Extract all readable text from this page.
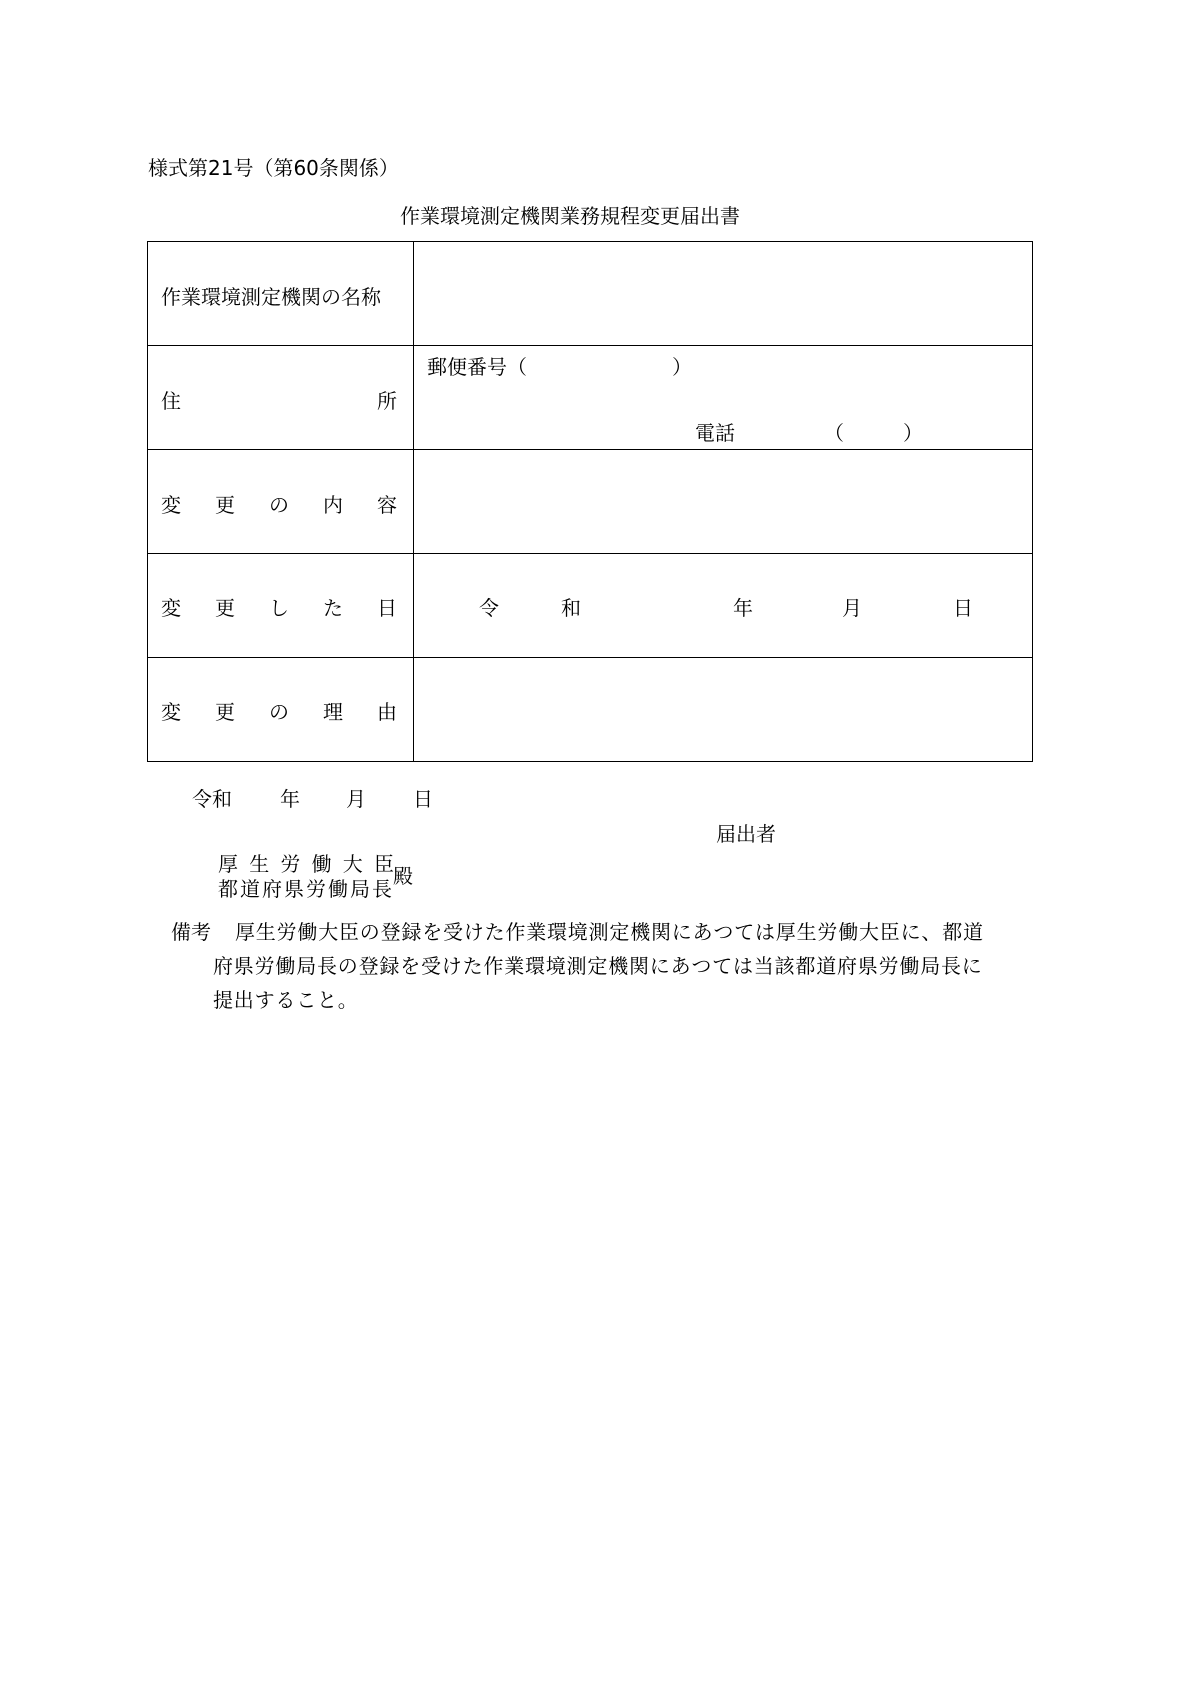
様式第21号（第60条関係）
作業環境測定機関業務規程変更届出書
作業環境測定機関の名称
住	所
郵便番号（	）
電話	（	）
変 更 の 内 容
変 更 し た 日	令	和	年	月	日
変 更 の 理 由
令和 年 月 日
届出者
厚 生 労 働 大 臣
都道府県労働局長
殿
備考 厚生労働大臣の登録を受けた作業環境測定機関にあつては厚生労働大臣に、都道
府県労働局長の登録を受けた作業環境測定機関にあつては当該都道府県労働局長に
提出すること。
